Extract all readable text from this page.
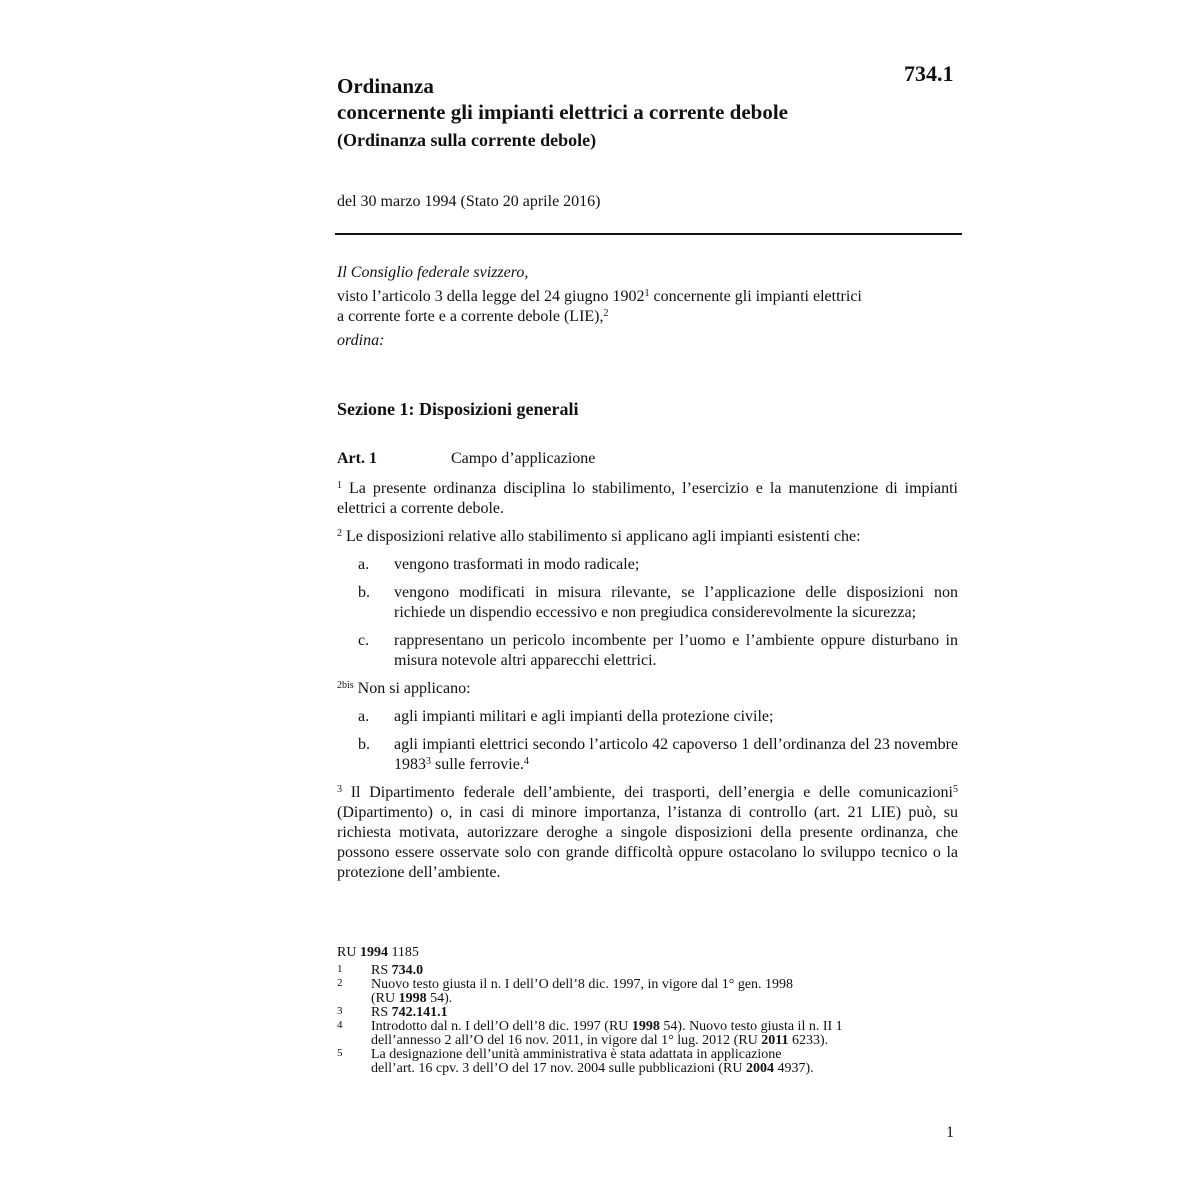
734.1
Ordinanza
concernente gli impianti elettrici a corrente debole
(Ordinanza sulla corrente debole)
del 30 marzo 1994 (Stato 20 aprile 2016)
Il Consiglio federale svizzero,
visto l’articolo 3 della legge del 24 giugno 1902$^1$ concernente gli impianti elettrici
a corrente forte e a corrente debole (LIE),$^2$
ordina:
Sezione 1: Disposizioni generali
Art. 1	Campo d’applicazione
$^1$ La presente ordinanza disciplina lo stabilimento, l’esercizio e la manutenzione di impianti elettrici a corrente debole.
$^2$ Le disposizioni relative allo stabilimento si applicano agli impianti esistenti che:
a. vengono trasformati in modo radicale;
b. vengono modificati in misura rilevante, se l’applicazione delle disposizioni non richiede un dispendio eccessivo e non pregiudica considerevolmente la sicurezza;
c. rappresentano un pericolo incombente per l’uomo e l’ambiente oppure disturbano in misura notevole altri apparecchi elettrici.
$^{2bis}$ Non si applicano:
a. agli impianti militari e agli impianti della protezione civile;
b. agli impianti elettrici secondo l’articolo 42 capoverso 1 dell’ordinanza del 23 novembre 1983$^3$ sulle ferrovie.$^4$
$^3$ Il Dipartimento federale dell’ambiente, dei trasporti, dell’energia e delle comunicazioni$^5$ (Dipartimento) o, in casi di minore importanza, l’istanza di controllo (art. 21 LIE) può, su richiesta motivata, autorizzare deroghe a singole disposizioni della presente ordinanza, che possono essere osservate solo con grande difficoltà oppure ostacolano lo sviluppo tecnico o la protezione dell’ambiente.
RU 1994 1185
1 RS 734.0
2 Nuovo testo giusta il n. I dell’O dell’8 dic. 1997, in vigore dal 1° gen. 1998
(RU 1998 54).
3 RS 742.141.1
4 Introdotto dal n. I dell’O dell’8 dic. 1997 (RU 1998 54). Nuovo testo giusta il n. II 1
dell’annesso 2 all’O del 16 nov. 2011, in vigore dal 1° lug. 2012 (RU 2011 6233).
5 La designazione dell’unità amministrativa è stata adattata in applicazione
dell’art. 16 cpv. 3 dell’O del 17 nov. 2004 sulle pubblicazioni (RU 2004 4937).
1
